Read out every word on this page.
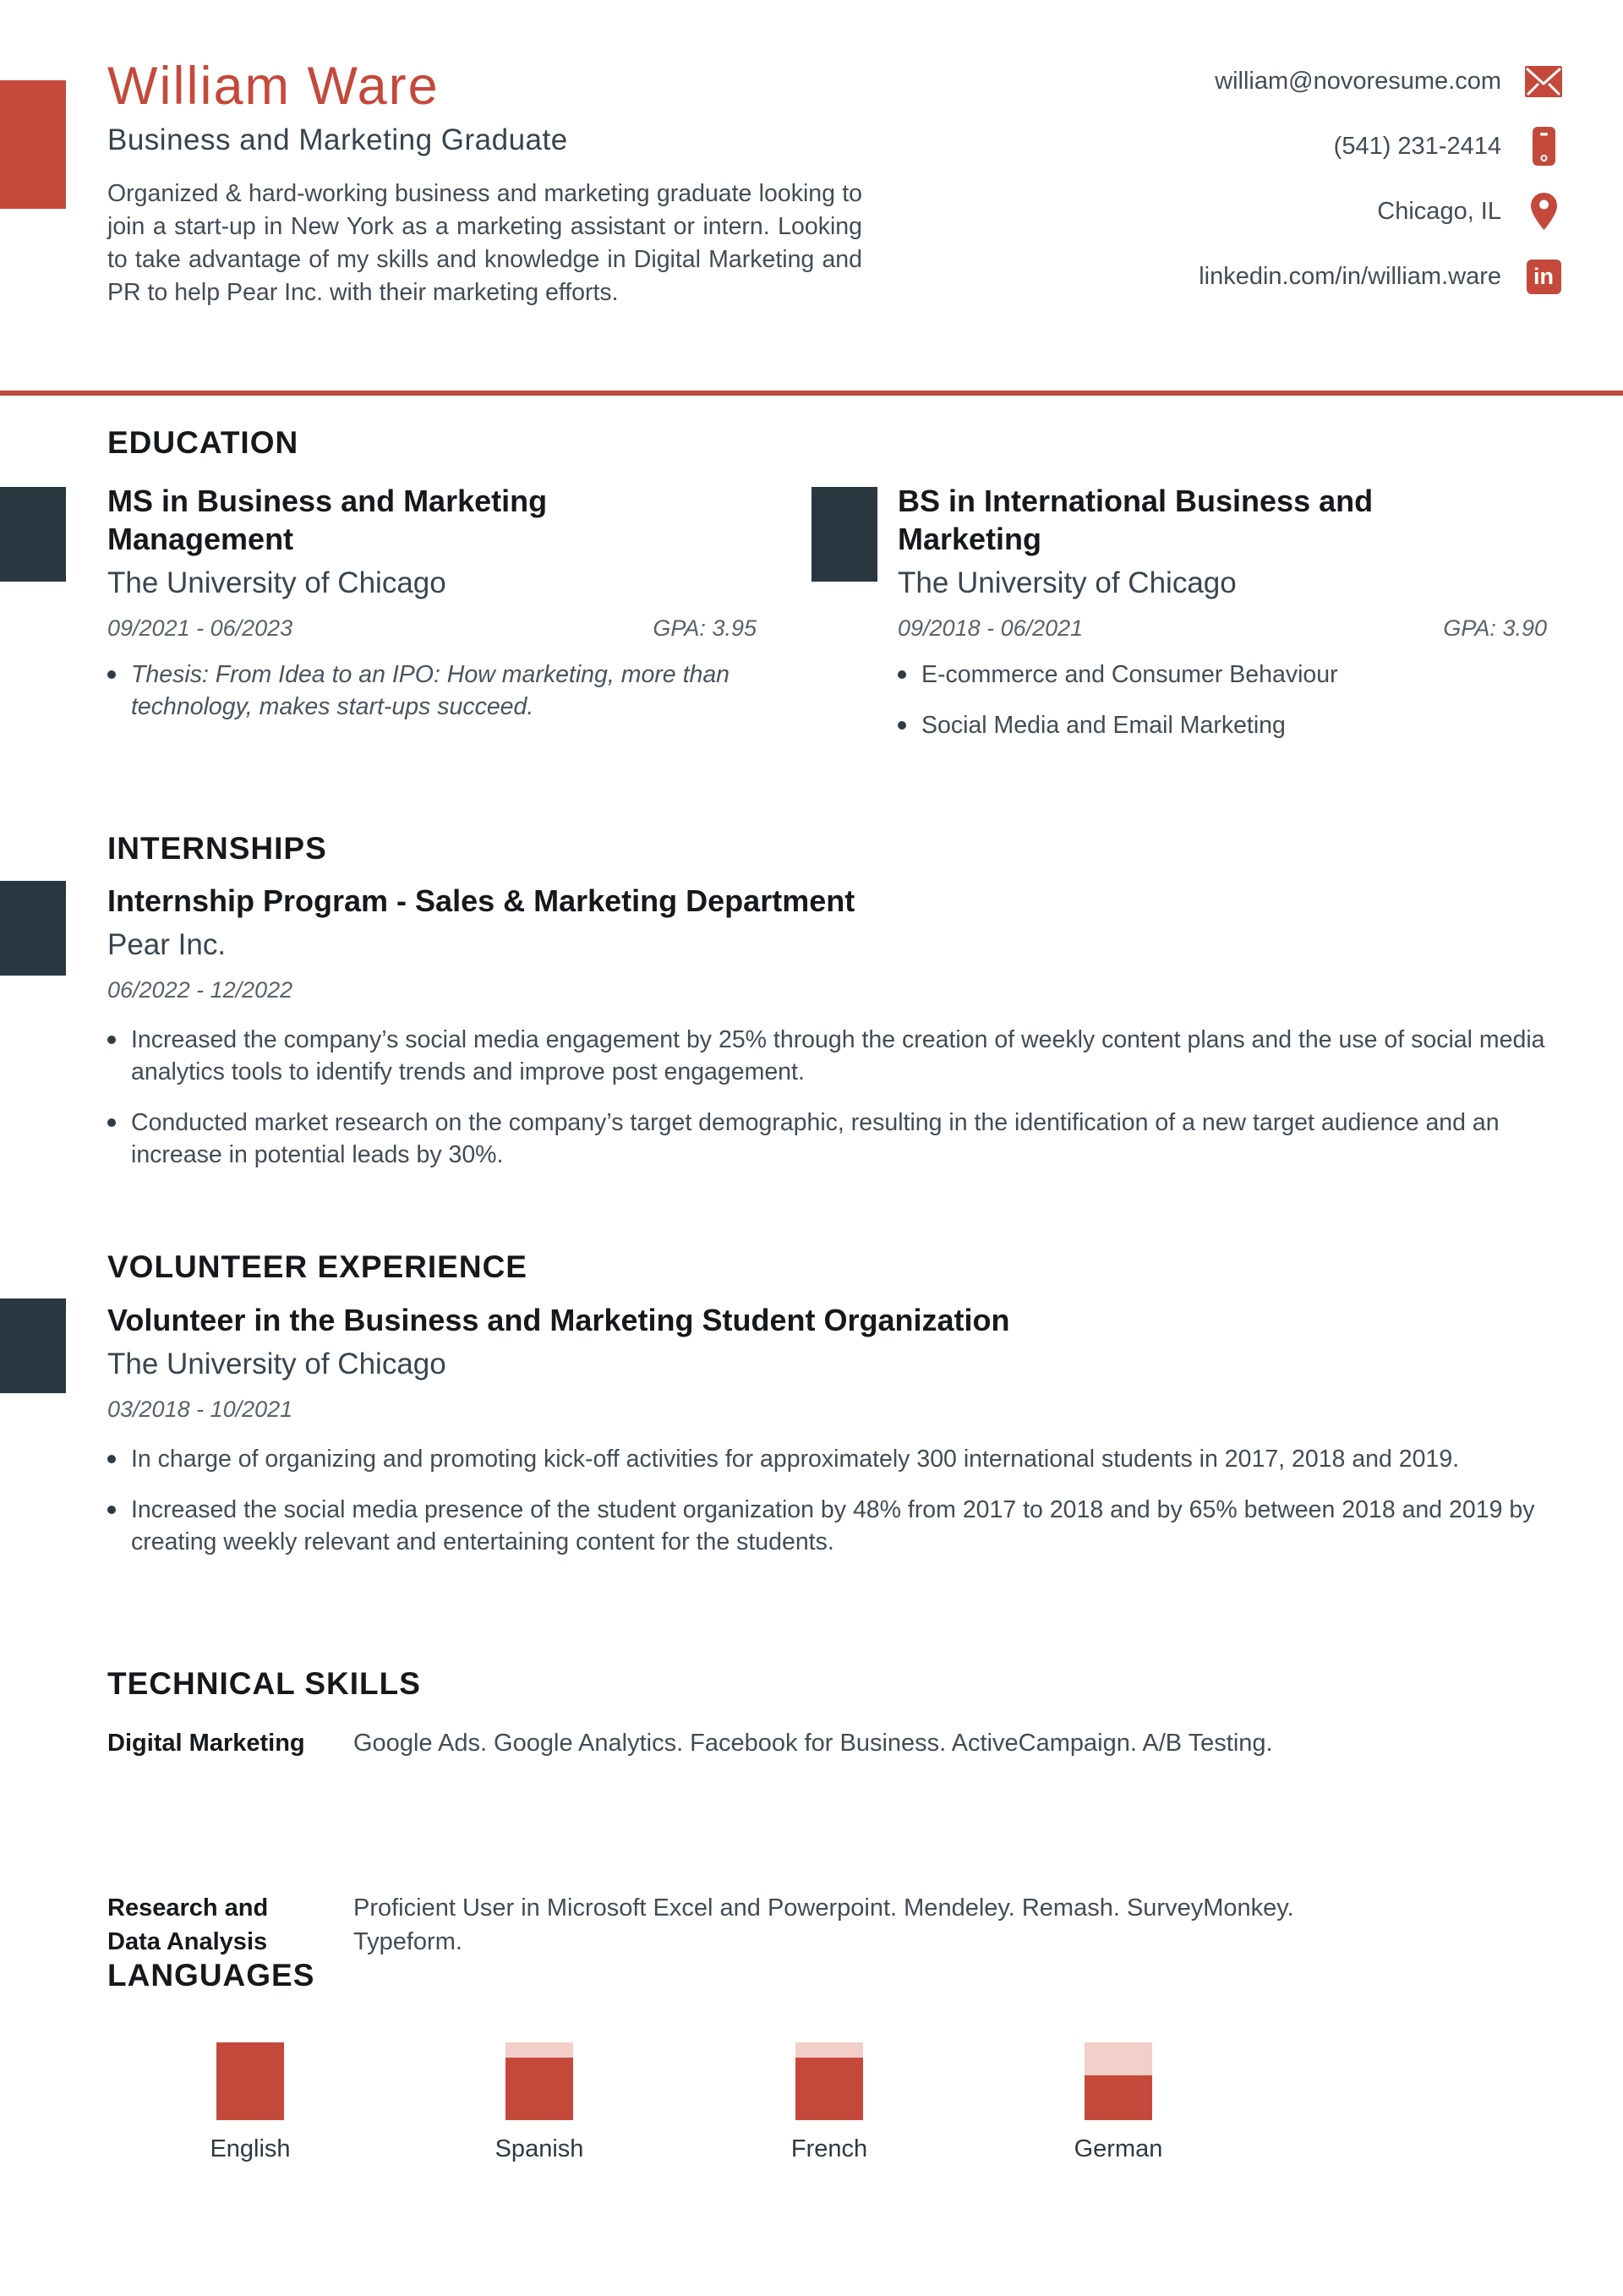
William Ware
Business and Marketing Graduate

Organized & hard-working business and marketing graduate looking to join a start-up in New York as a marketing assistant or intern. Looking to take advantage of my skills and knowledge in Digital Marketing and PR to help Pear Inc. with their marketing efforts.

william@novoresume.com
(541) 231-2414
Chicago, IL
linkedin.com/in/william.ware	in
EDUCATION
MS in Business and Marketing Management
The University of Chicago
09/2021 - 06/2023	GPA: 3.95
Thesis: From Idea to an IPO: How marketing, more than technology, makes start-ups succeed.
BS in International Business and Marketing
The University of Chicago
09/2018 - 06/2021	GPA: 3.90
E-commerce and Consumer Behaviour
Social Media and Email Marketing
INTERNSHIPS
Internship Program - Sales & Marketing Department
Pear Inc.
06/2022 - 12/2022
Increased the company’s social media engagement by 25% through the creation of weekly content plans and the use of social media analytics tools to identify trends and improve post engagement.
Conducted market research on the company’s target demographic, resulting in the identification of a new target audience and an increase in potential leads by 30%.
VOLUNTEER EXPERIENCE
Volunteer in the Business and Marketing Student Organization
The University of Chicago
03/2018 - 10/2021
In charge of organizing and promoting kick-off activities for approximately 300 international students in 2017, 2018 and 2019.
Increased the social media presence of the student organization by 48% from 2017 to 2018 and by 65% between 2018 and 2019 by creating weekly relevant and entertaining content for the students.
TECHNICAL SKILLS
Digital Marketing	Google Ads. Google Analytics. Facebook for Business. ActiveCampaign. A/B Testing.
Research and Data Analysis
Proficient User in Microsoft Excel and Powerpoint. Mendeley. Remash. SurveyMonkey. Typeform.
LANGUAGES
English	Spanish	French	German
